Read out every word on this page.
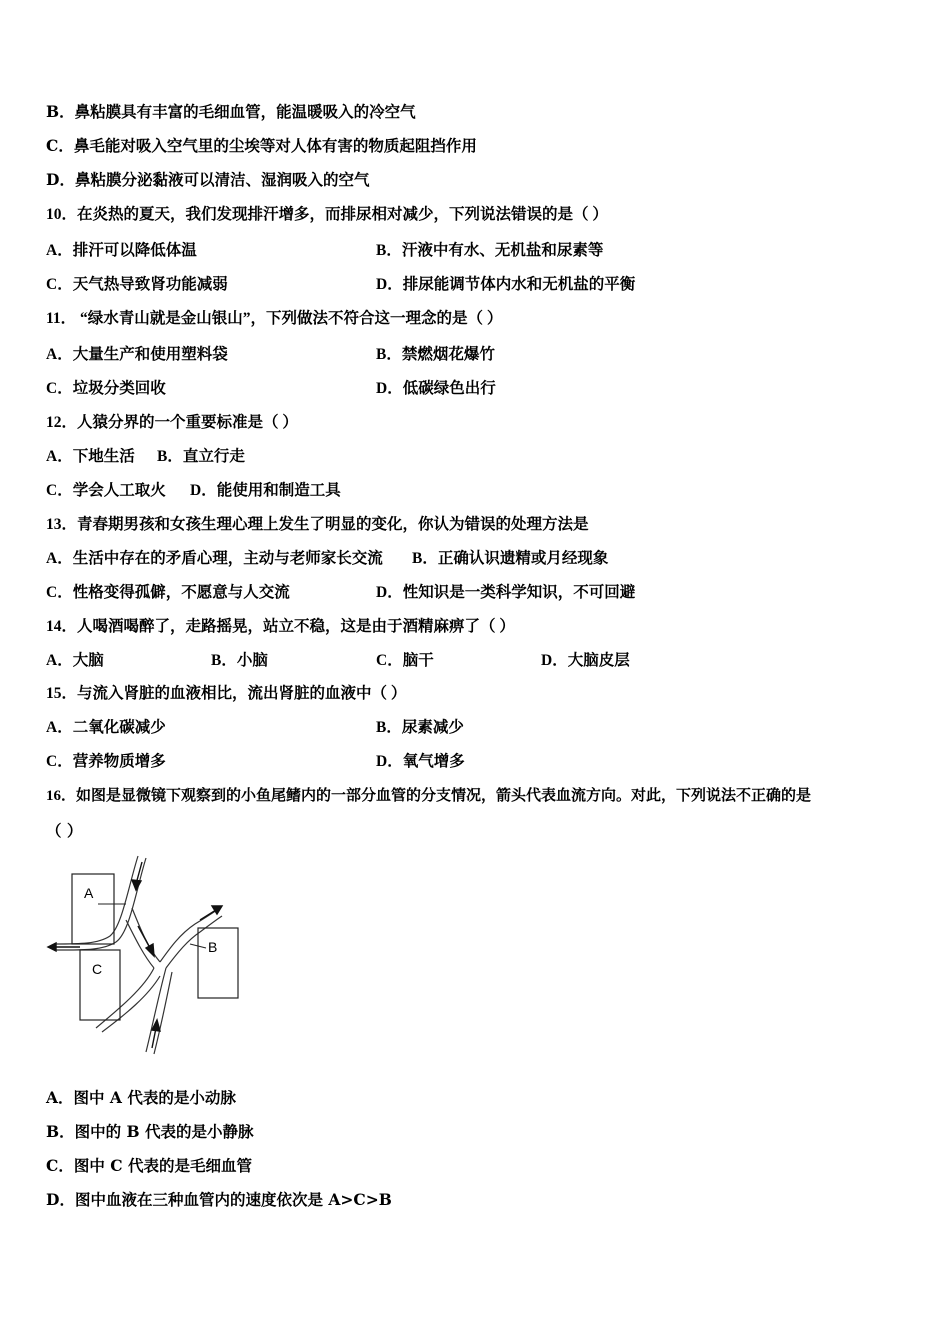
B．鼻粘膜具有丰富的毛细血管，能温暖吸入的冷空气
C．鼻毛能对吸入空气里的尘埃等对人体有害的物质起阻挡作用
D．鼻粘膜分泌黏液可以清洁、湿润吸入的空气
10．在炎热的夏天，我们发现排汗增多，而排尿相对减少，下列说法错误的是（ ）
A．排汗可以降低体温	B．汗液中有水、无机盐和尿素等
C．天气热导致肾功能减弱	D．排尿能调节体内水和无机盐的平衡
11． “绿水青山就是金山银山”，下列做法不符合这一理念的是（ ）
A．大量生产和使用塑料袋	B．禁燃烟花爆竹
C．垃圾分类回收	D．低碳绿色出行
12．人猿分界的一个重要标准是（ ）
A．下地生活 B．直立行走
C．学会人工取火 D．能使用和制造工具
13．青春期男孩和女孩生理心理上发生了明显的变化，你认为错误的处理方法是
A．生活中存在的矛盾心理，主动与老师家长交流 B．正确认识遗精或月经现象
C．性格变得孤僻，不愿意与人交流	D．性知识是一类科学知识，不可回避
14．人喝酒喝醉了，走路摇晃，站立不稳，这是由于酒精麻痹了（ ）
A．大脑	B．小脑	C．脑干	D．大脑皮层
15．与流入肾脏的血液相比，流出肾脏的血液中（ ）
A．二氧化碳减少	B．尿素减少
C．营养物质增多	D．氧气增多
16．如图是显微镜下观察到的小鱼尾鳍内的一部分血管的分支情况，箭头代表血流方向。对此，下列说法不正确的是
（ ）
A
B
C
A．图中 A 代表的是小动脉
B．图中的 B 代表的是小静脉
C．图中 C 代表的是毛细血管
D．图中血液在三种血管内的速度依次是 A>C>B
